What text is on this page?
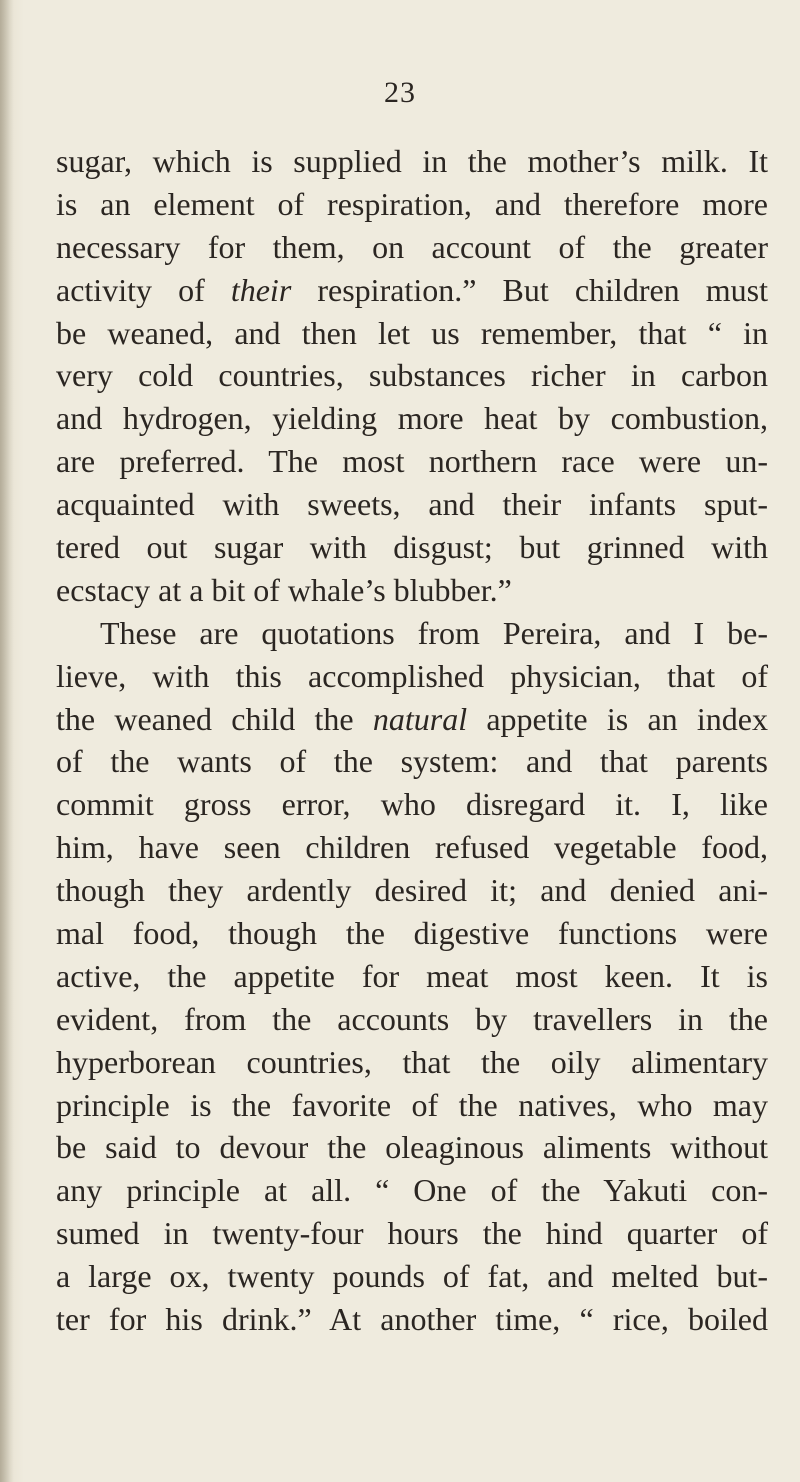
23
sugar, which is supplied in the mother’s milk. It
is an element of respiration, and therefore more
necessary for them, on account of the greater
activity of their respiration.” But children must
be weaned, and then let us remember, that “ in
very cold countries, substances richer in carbon
and hydrogen, yielding more heat by combustion,
are preferred. The most northern race were un-
acquainted with sweets, and their infants sput-
tered out sugar with disgust; but grinned with
ecstacy at a bit of whale’s blubber.”
These are quotations from Pereira, and I be-
lieve, with this accomplished physician, that of
the weaned child the natural appetite is an index
of the wants of the system: and that parents
commit gross error, who disregard it. I, like
him, have seen children refused vegetable food,
though they ardently desired it; and denied ani-
mal food, though the digestive functions were
active, the appetite for meat most keen. It is
evident, from the accounts by travellers in the
hyperborean countries, that the oily alimentary
principle is the favorite of the natives, who may
be said to devour the oleaginous aliments without
any principle at all. “ One of the Yakuti con-
sumed in twenty-four hours the hind quarter of
a large ox, twenty pounds of fat, and melted but-
ter for his drink.” At another time, “ rice, boiled
